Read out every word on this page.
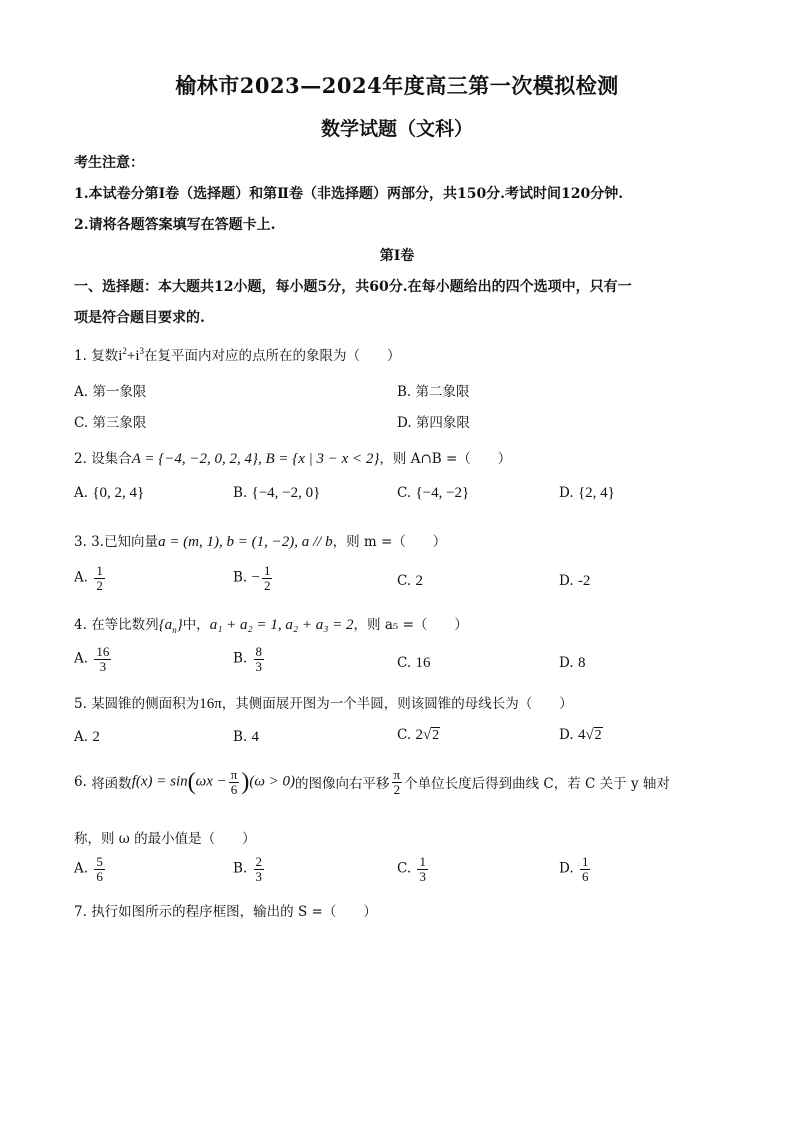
榆林市2023—2024年度高三第一次模拟检测
数学试题（文科）
考生注意：
1.本试卷分第Ⅰ卷（选择题）和第Ⅱ卷（非选择题）两部分，共150分.考试时间120分钟.
2.请将各题答案填写在答题卡上.
第Ⅰ卷
一、选择题：本大题共12小题，每小题5分，共60分.在每小题给出的四个选项中，只有一
项是符合题目要求的.
1. 复数$i^2+i^3$在复平面内对应的点所在的象限为（　　）
A. 第一象限	B. 第二象限
C. 第三象限	D. 第四象限
2. 设集合A = {−4, −2, 0, 2, 4}, B = {x | 3 − x < 2}，则 A∩B =（　　）
A. {0, 2, 4}	B. {−4, −2, 0}	C. {−4, −2}	D. {2, 4}
3. 3.已知向量a = (m, 1), b = (1, −2), a // b，则 m =（　　）
A. $\frac{1}{2}$	B. − $\frac{1}{2}$	C. 2	D. -2
4. 在等比数列$\{a_n\}$中，a₁ + a₂ = 1, a₂ + a₃ = 2，则 a₅ =（　　）
A. $\frac{16}{3}$	B. $\frac{8}{3}$	C. 16	D. 8
5. 某圆锥的侧面积为16π，其侧面展开图为一个半圆，则该圆锥的母线长为（　　）
A. 2	B. 4	C. 2√2	D. 4√2
6. 将函数$f(x) = \sin(\omega x - \frac{\pi}{6} )(\omega > 0)$的图像向右平移 $\frac{\pi}{2}$ 个单位长度后得到曲线 C，若 C 关于 y 轴对
称，则 ω 的最小值是（　　）
A. $\frac{5}{6}$	B. $\frac{2}{3}$	C. $\frac{1}{3}$	D. $\frac{1}{6}$
7. 执行如图所示的程序框图，输出的 S =（　　）
